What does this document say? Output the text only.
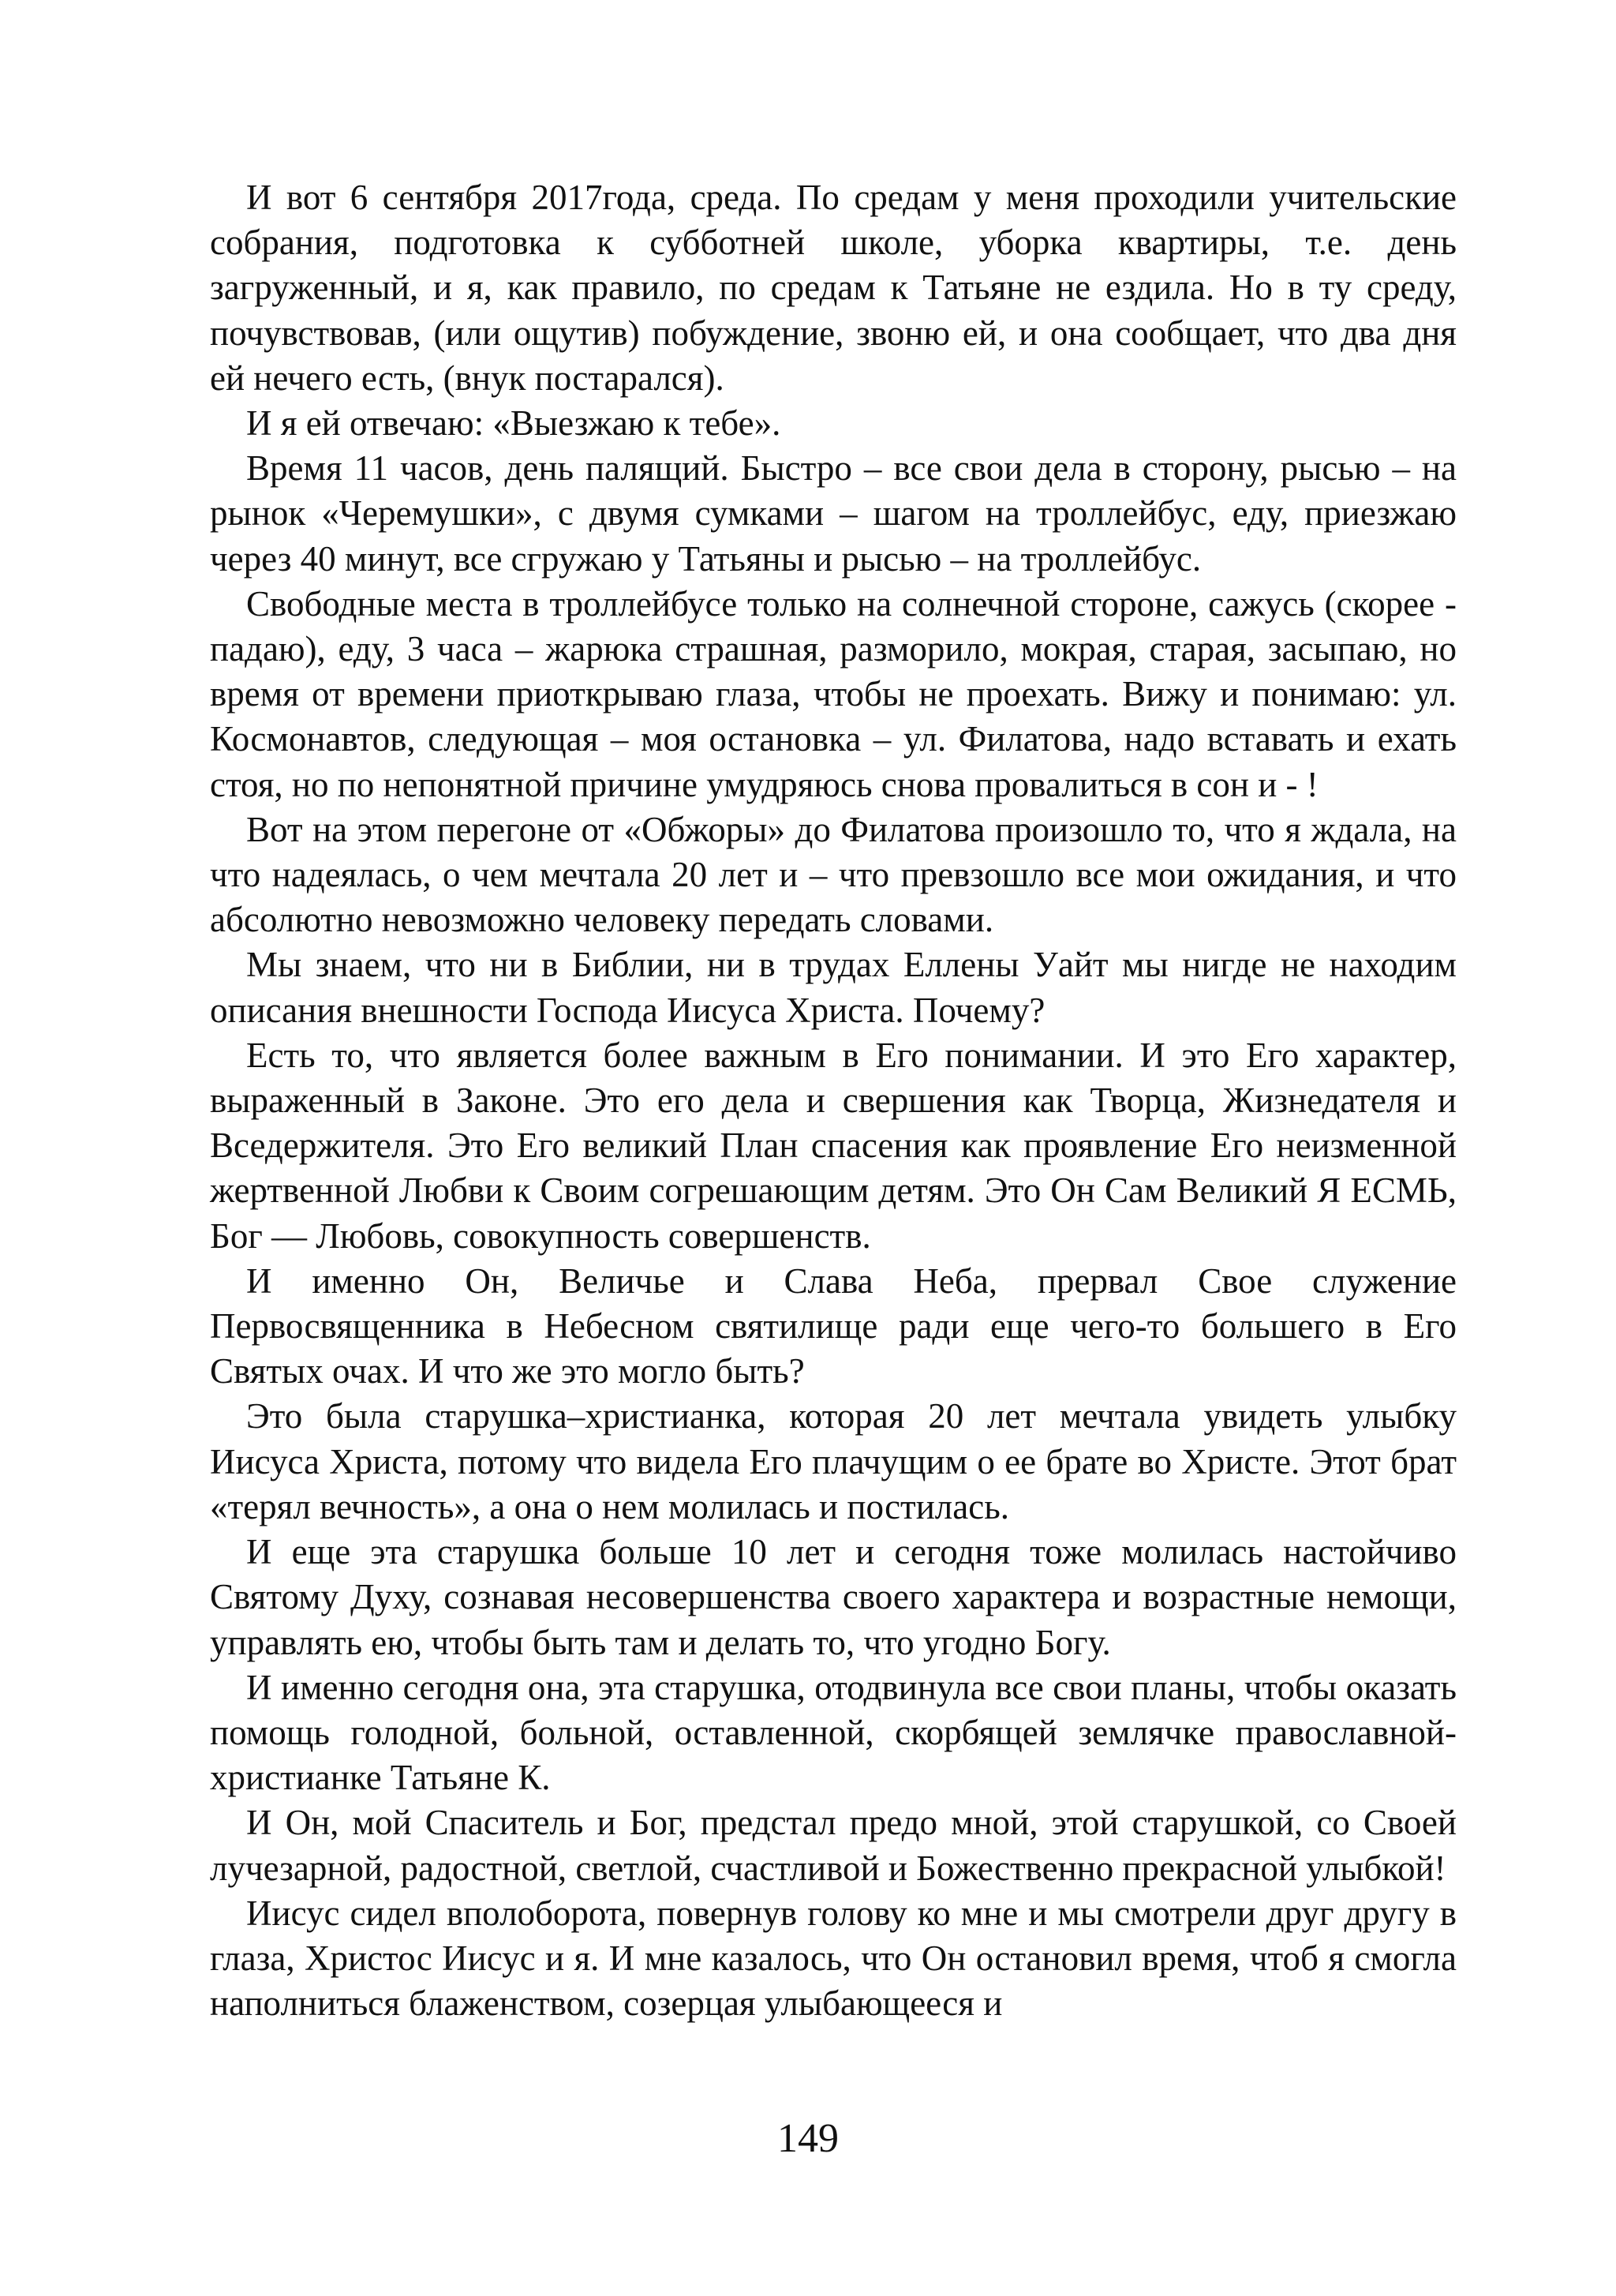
И вот 6 сентября 2017года, среда. По средам у меня проходили учительские собрания, подготовка к субботней школе, уборка квартиры, т.е. день загруженный, и я, как правило, по средам к Татьяне не ездила. Но в ту среду, почувствовав, (или ощутив) побуждение, звоню ей, и она сообщает, что два дня ей нечего есть, (внук постарался).

И я ей отвечаю: «Выезжаю к тебе».

Время 11 часов, день палящий. Быстро – все свои дела в сторону, рысью – на рынок «Черемушки», с двумя сумками – шагом на троллейбус, еду, приезжаю через 40 минут, все сгружаю у Татьяны и рысью – на троллейбус.

Свободные места в троллейбусе только на солнечной стороне, сажусь (скорее - падаю), еду, 3 часа – жарюка страшная, разморило, мокрая, старая, засыпаю, но время от времени приоткрываю глаза, чтобы не проехать. Вижу и понимаю: ул. Космонавтов, следующая – моя остановка – ул. Филатова, надо вставать и ехать стоя, но по непонятной причине умудряюсь снова провалиться в сон и - !

Вот на этом перегоне от «Обжоры» до Филатова произошло то, что я ждала, на что надеялась, о чем мечтала 20 лет и – что превзошло все мои ожидания, и что абсолютно невозможно человеку передать словами.

Мы знаем, что ни в Библии, ни в трудах Еллены Уайт мы нигде не находим описания внешности Господа Иисуса Христа. Почему?

Есть то, что является более важным в Его понимании. И это Его характер, выраженный в Законе. Это его дела и свершения как Творца, Жизнедателя и Вседержителя. Это Его великий План спасения как проявление Его неизменной жертвенной Любви к Своим согрешающим детям. Это Он Сам Великий Я ЕСМЬ, Бог — Любовь, совокупность совершенств.

И именно Он, Величье и Слава Неба, прервал Свое служение Первосвященника в Небесном святилище ради еще чего-то большего в Его Святых очах. И что же это могло быть?

Это была старушка–христианка, которая 20 лет мечтала увидеть улыбку Иисуса Христа, потому что видела Его плачущим о ее брате во Христе. Этот брат «терял вечность», а она о нем молилась и постилась.

И еще эта старушка больше 10 лет и сегодня тоже молилась настойчиво Святому Духу, сознавая несовершенства своего характера и возрастные немощи, управлять ею, чтобы быть там и делать то, что угодно Богу.

И именно сегодня она, эта старушка, отодвинула все свои планы, чтобы оказать помощь голодной, больной, оставленной, скорбящей землячке православной-христианке Татьяне К.

И Он, мой Спаситель и Бог, предстал предо мной, этой старушкой, со Своей лучезарной, радостной, светлой, счастливой и Божественно прекрасной улыбкой!

Иисус сидел вполоборота, повернув голову ко мне и мы смотрели друг другу в глаза, Христос Иисус и я. И мне казалось, что Он остановил время, чтоб я смогла наполниться блаженством, созерцая улыбающееся и

149
